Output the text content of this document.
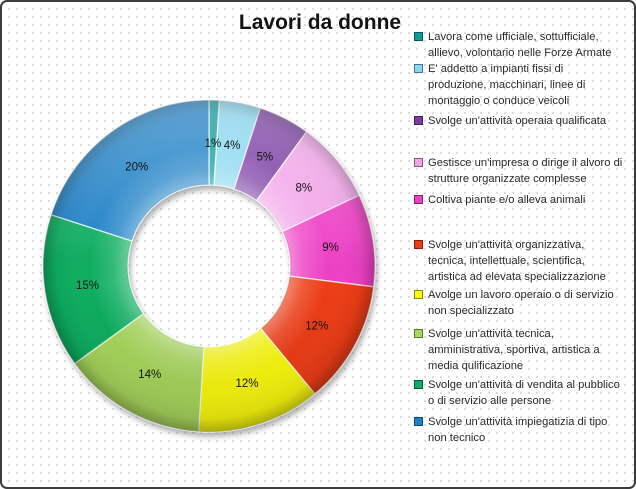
Lavori da donne
1% 4%
5%
8%
9%
12%
12%
14%
15%
20%
Lavora come ufficiale, sottufficiale, allievo, volontario nelle Forze Armate
E' addetto a impianti fissi di produzione, macchinari, linee di montaggio o conduce veicoli
Svolge un'attività operaia qualificata
Gestisce un'impresa o dirige il alvoro di strutture organizzate complesse
Coltiva piante e/o alleva animali
Svolge un'attività organizzativa, tecnica, intellettuale, scientifica, artistica ad elevata specializzazione
Avolge un lavoro operaio o di servizio non specializzato
Svolge un'attività tecnica, amministrativa, sportiva, artistica a media qulificazione
Svolge un'attività di vendita al pubblico o di servizio alle persone
Svolge un'attività impiegatizia di tipo non tecnico
